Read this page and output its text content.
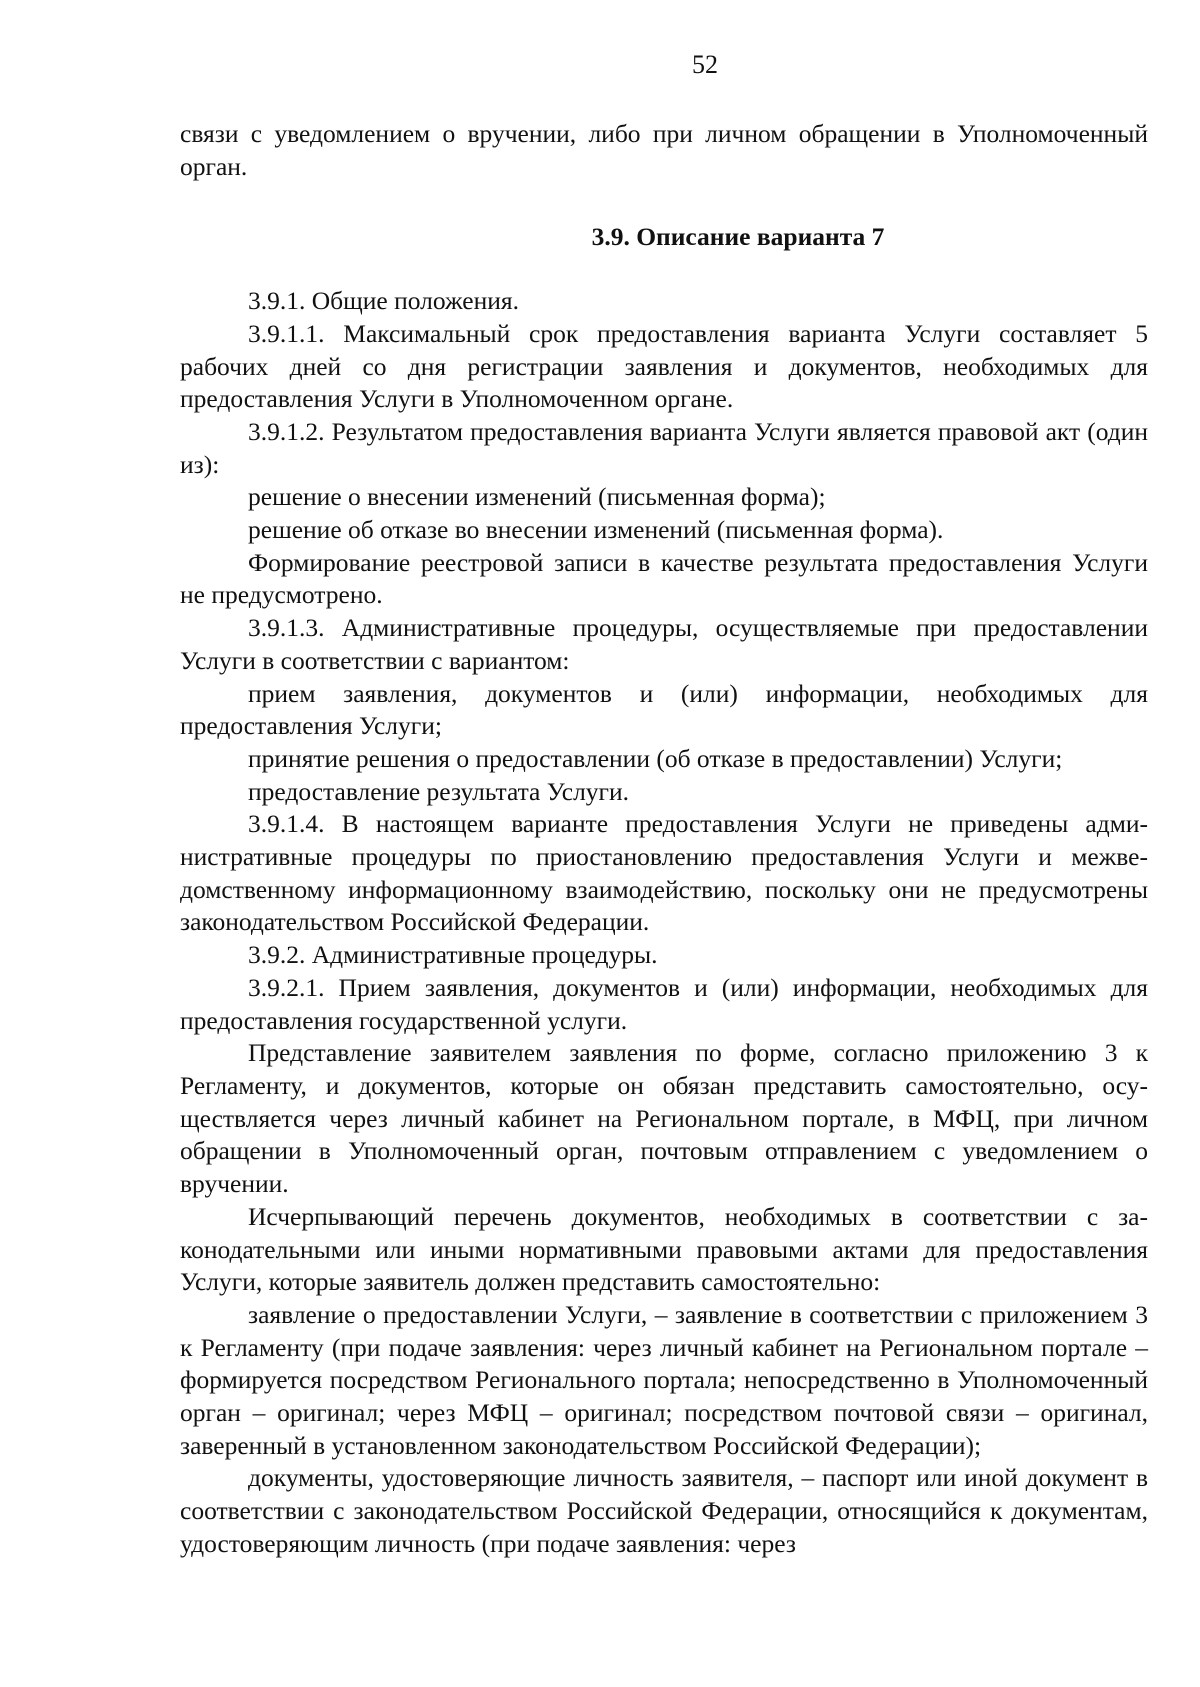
52

связи с уведомлением о вручении, либо при личном обращении в Уполномоченный орган.

3.9. Описание варианта 7

3.9.1. Общие положения.

3.9.1.1. Максимальный срок предоставления варианта Услуги составляет 5 рабочих дней со дня регистрации заявления и документов, необходимых для предоставления Услуги в Уполномоченном органе.

3.9.1.2. Результатом предоставления варианта Услуги является правовой акт (один из):

решение о внесении изменений (письменная форма);

решение об отказе во внесении изменений (письменная форма).

Формирование реестровой записи в качестве результата предоставления Услуги не предусмотрено.

3.9.1.3. Административные процедуры, осуществляемые при предоставлении Услуги в соответствии с вариантом:

прием заявления, документов и (или) информации, необходимых для предоставления Услуги;

принятие решения о предоставлении (об отказе в предоставлении) Услуги;

предоставление результата Услуги.

3.9.1.4. В настоящем варианте предоставления Услуги не приведены административные процедуры по приостановлению предоставления Услуги и межведомственному информационному взаимодействию, поскольку они не предусмотрены законодательством Российской Федерации.

3.9.2. Административные процедуры.

3.9.2.1. Прием заявления, документов и (или) информации, необходимых для предоставления государственной услуги.

Представление заявителем заявления по форме, согласно приложению 3 к Регламенту, и документов, которые он обязан представить самостоятельно, осуществляется через личный кабинет на Региональном портале, в МФЦ, при личном обращении в Уполномоченный орган, почтовым отправлением с уведомлением о вручении.

Исчерпывающий перечень документов, необходимых в соответствии с законодательными или иными нормативными правовыми актами для предоставления Услуги, которые заявитель должен представить самостоятельно:

заявление о предоставлении Услуги, – заявление в соответствии с приложением 3 к Регламенту (при подаче заявления: через личный кабинет на Региональном портале – формируется посредством Регионального портала; непосредственно в Уполномоченный орган – оригинал; через МФЦ – оригинал; посредством почтовой связи – оригинал, заверенный в установленном законодательством Российской Федерации);

документы, удостоверяющие личность заявителя, – паспорт или иной документ в соответствии с законодательством Российской Федерации, относящийся к документам, удостоверяющим личность (при подаче заявления: через
